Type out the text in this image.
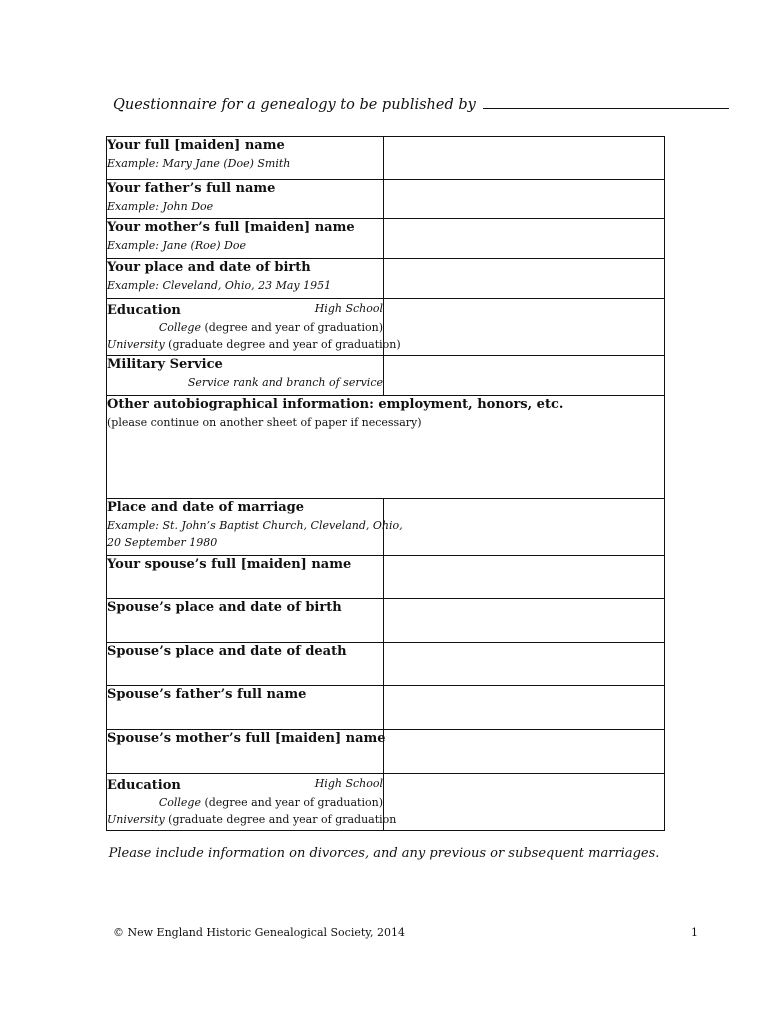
Questionnaire for a genealogy to be published by
Your full [maiden] name
Example: Mary Jane (Doe) Smith	

Your father’s full name
Example: John Doe	

Your mother’s full [maiden] name
Example: Jane (Roe) Doe	

Your place and date of birth
Example: Cleveland, Ohio, 23 May 1951	

Education High School
College (degree and year of graduation)
University (graduate degree and year of graduation)	

Military Service
Service rank and branch of service	

Other autobiographical information: employment, honors, etc.
(please continue on another sheet of paper if necessary)	

Place and date of marriage
Example: St. John’s Baptist Church, Cleveland, Ohio,
20 September 1980	

Your spouse’s full [maiden] name	

Spouse’s place and date of birth	

Spouse’s place and date of death	

Spouse’s father’s full name	

Spouse’s mother’s full [maiden] name	

Education High School
College (degree and year of graduation)
University (graduate degree and year of graduation	

Please include information on divorces, and any previous or subsequent marriages.
© New England Historic Genealogical Society, 2014	1
